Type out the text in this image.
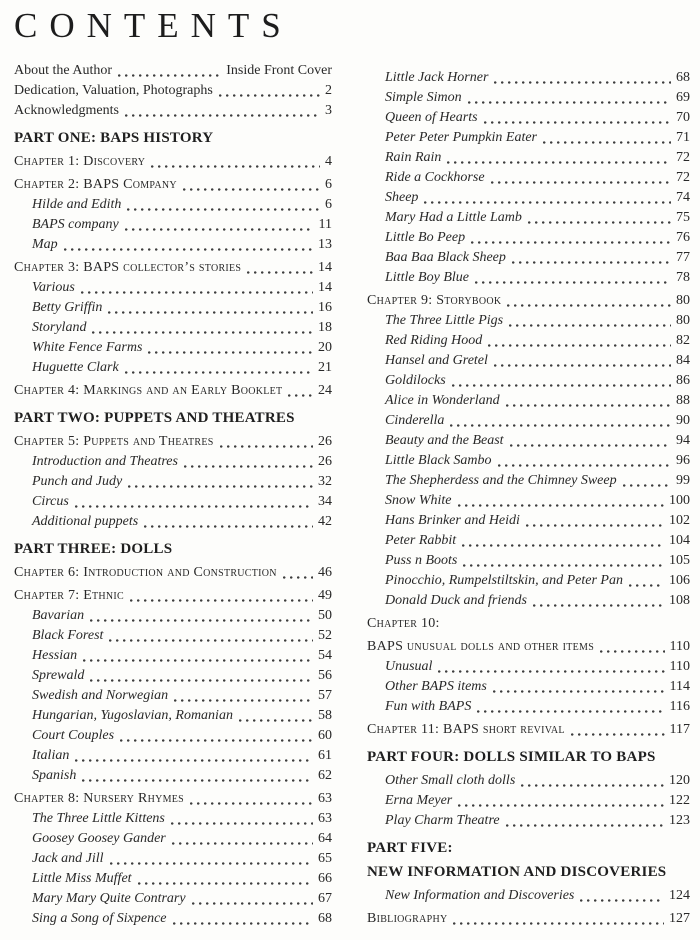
CONTENTS
About the Author	Inside Front Cover
Dedication, Valuation, Photographs	2
Acknowledgments	3
PART ONE: BAPS HISTORY
Chapter 1: Discovery	4
Chapter 2: BAPS Company	6
Hilde and Edith	6
BAPS company	11
Map	13
Chapter 3: BAPS collector’s stories	14
Various	14
Betty Griffin	16
Storyland	18
White Fence Farms	20
Huguette Clark	21
Chapter 4: Markings and an Early Booklet	24
PART TWO: PUPPETS AND THEATRES
Chapter 5: Puppets and Theatres	26
Introduction and Theatres	26
Punch and Judy	32
Circus	34
Additional puppets	42
PART THREE: DOLLS
Chapter 6: Introduction and Construction	46
Chapter 7: Ethnic	49
Bavarian	50
Black Forest	52
Hessian	54
Sprewald	56
Swedish and Norwegian	57
Hungarian, Yugoslavian, Romanian	58
Court Couples	60
Italian	61
Spanish	62
Chapter 8: Nursery Rhymes	63
The Three Little Kittens	63
Goosey Goosey Gander	64
Jack and Jill	65
Little Miss Muffet	66
Mary Mary Quite Contrary	67
Sing a Song of Sixpence	68
Little Jack Horner	68
Simple Simon	69
Queen of Hearts	70
Peter Peter Pumpkin Eater	71
Rain Rain	72
Ride a Cockhorse	72
Sheep	74
Mary Had a Little Lamb	75
Little Bo Peep	76
Baa Baa Black Sheep	77
Little Boy Blue	78
Chapter 9: Storybook	80
The Three Little Pigs	80
Red Riding Hood	82
Hansel and Gretel	84
Goldilocks	86
Alice in Wonderland	88
Cinderella	90
Beauty and the Beast	94
Little Black Sambo	96
The Shepherdess and the Chimney Sweep	99
Snow White	100
Hans Brinker and Heidi	102
Peter Rabbit	104
Puss n Boots	105
Pinocchio, Rumpelstiltskin, and Peter Pan	106
Donald Duck and friends	108
Chapter 10:
BAPS unusual dolls and other items	110
Unusual	110
Other BAPS items	114
Fun with BAPS	116
Chapter 11: BAPS short revival	117
PART FOUR: DOLLS SIMILAR TO BAPS
Other Small cloth dolls	120
Erna Meyer	122
Play Charm Theatre	123
PART FIVE:
NEW INFORMATION AND DISCOVERIES
New Information and Discoveries	124
Bibliography	127
